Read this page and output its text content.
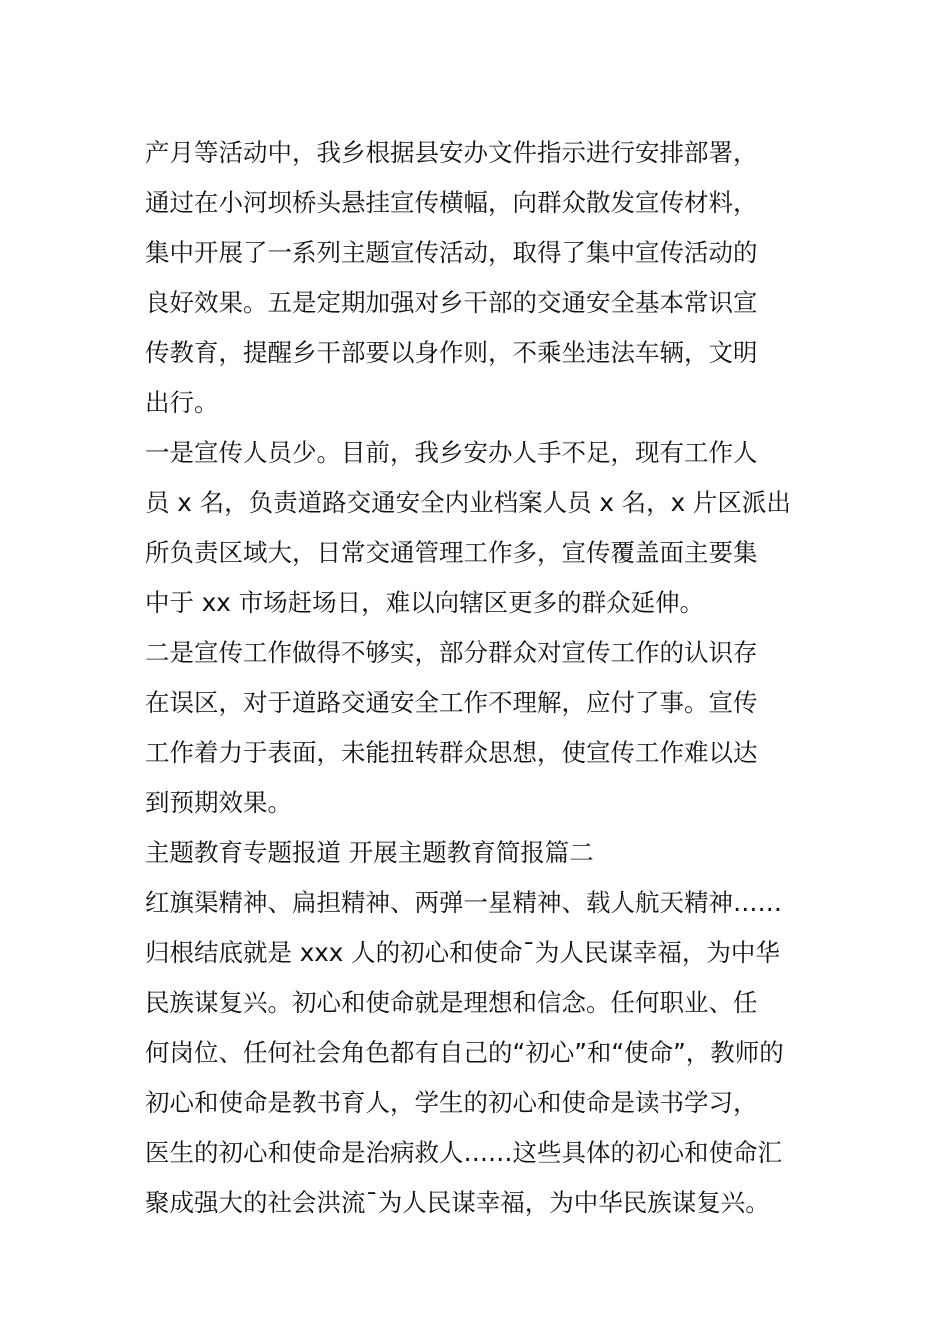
产月等活动中，我乡根据县安办文件指示进行安排部署，
通过在小河坝桥头悬挂宣传横幅，向群众散发宣传材料，
集中开展了一系列主题宣传活动，取得了集中宣传活动的
良好效果。五是定期加强对乡干部的交通安全基本常识宣
传教育，提醒乡干部要以身作则，不乘坐违法车辆，文明
出行。
一是宣传人员少。目前，我乡安办人手不足，现有工作人
员 x 名，负责道路交通安全内业档案人员 x 名，x 片区派出
所负责区域大，日常交通管理工作多，宣传覆盖面主要集
中于 xx 市场赶场日，难以向辖区更多的群众延伸。
二是宣传工作做得不够实，部分群众对宣传工作的认识存
在误区，对于道路交通安全工作不理解，应付了事。宣传
工作着力于表面，未能扭转群众思想，使宣传工作难以达
到预期效果。
主题教育专题报道 开展主题教育简报篇二
红旗渠精神、扁担精神、两弹一星精神、载人航天精神……
归根结底就是 xxx 人的初心和使命¯为人民谋幸福，为中华
民族谋复兴。初心和使命就是理想和信念。任何职业、任
何岗位、任何社会角色都有自己的“初心”和“使命”，教师的
初心和使命是教书育人，学生的初心和使命是读书学习，
医生的初心和使命是治病救人……这些具体的初心和使命汇
聚成强大的社会洪流¯为人民谋幸福，为中华民族谋复兴。
